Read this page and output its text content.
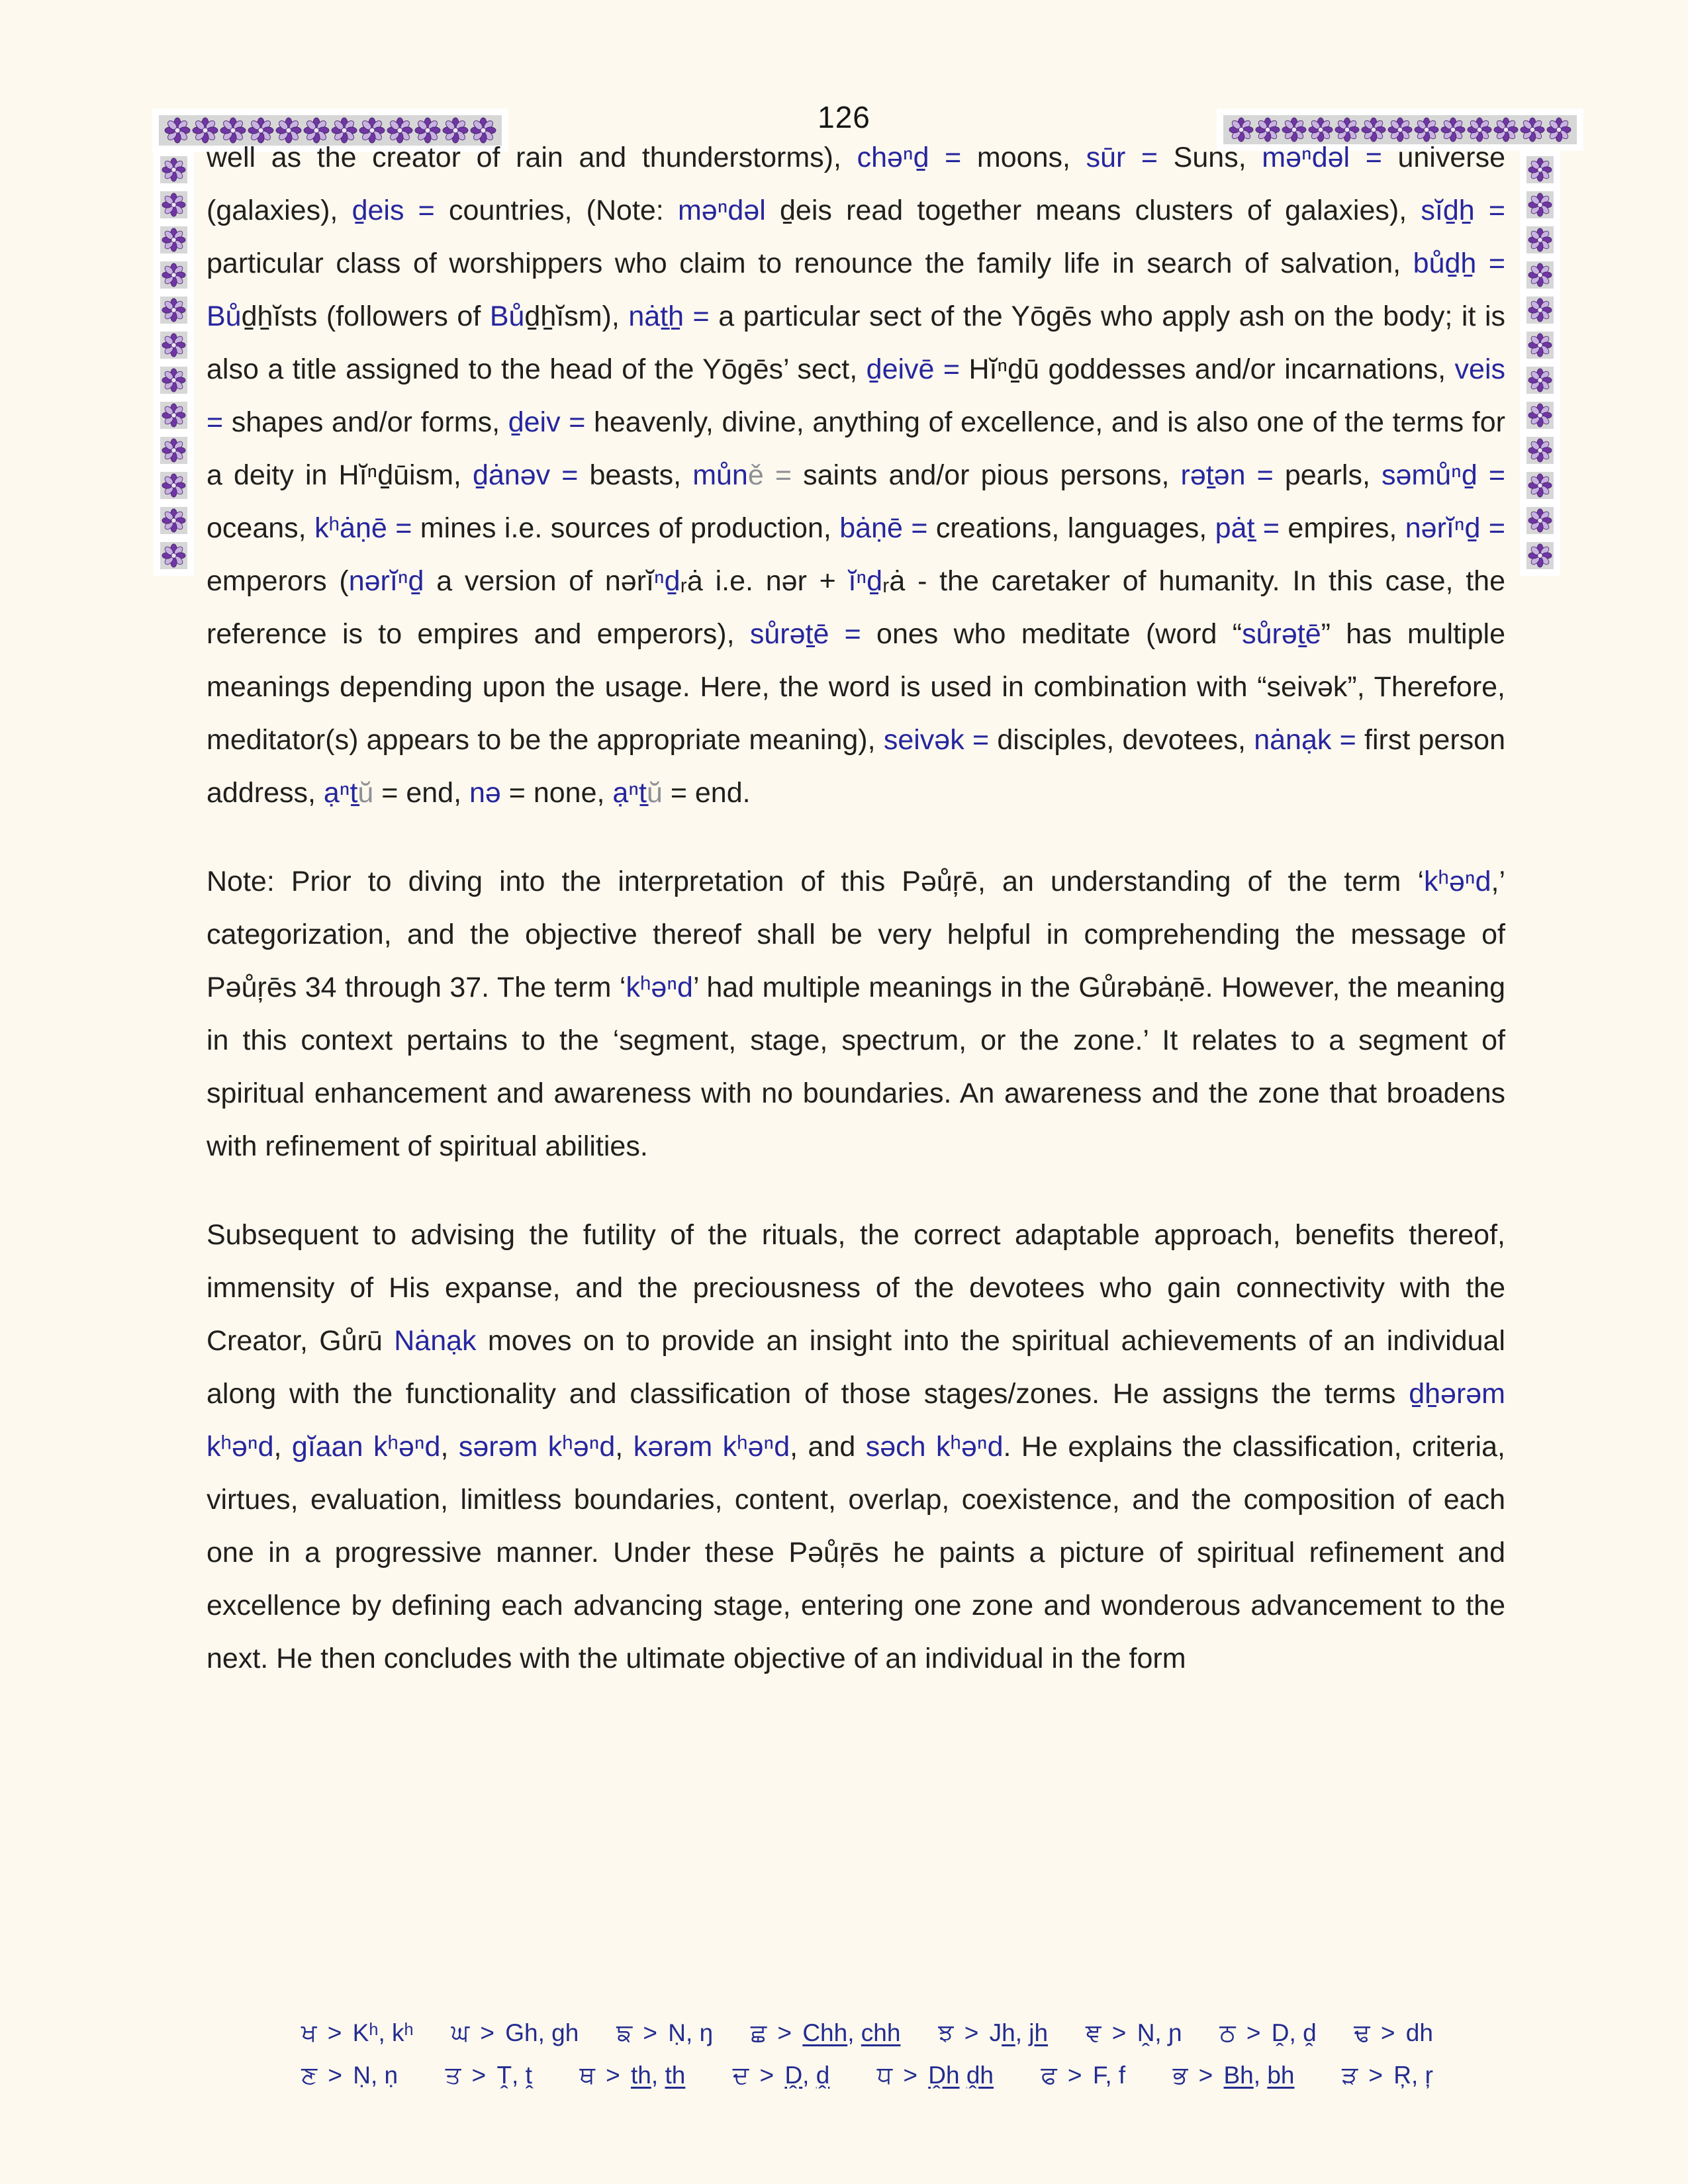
126

well as the creator of rain and thunderstorms), chəⁿd̠ = moons, sūr = Suns, məⁿdəl = universe (galaxies), d̠eis = countries, (Note: məⁿdəl d̠eis read together means clusters of galaxies), sĭd̠h̠ = particular class of worshippers who claim to renounce the family life in search of salvation, bůd̠h̠ = Bůd̠h̠ĭsts (followers of Bůd̠h̠ĭsm), nȧt̠h̠ = a particular sect of the Yōgēs who apply ash on the body; it is also a title assigned to the head of the Yōgēs’ sect, d̠eivē = Hĭⁿd̠ū goddesses and/or incarnations, veis = shapes and/or forms, d̠eiv = heavenly, divine, anything of excellence, and is also one of the terms for a deity in Hĭⁿd̠ūism, d̠ȧnəv = beasts, můně = saints and/or pious persons, rət̠ən = pearls, səmůⁿd̠ = oceans, kʰȧṇē = mines i.e. sources of production, bȧṇē = creations, languages, pȧt̠ = empires, nərĭⁿd̠ = emperors (nərĭⁿd̠ a version of nərĭⁿd̠ᵣȧ i.e. nər + ĭⁿd̠ᵣȧ - the caretaker of humanity. In this case, the reference is to empires and emperors), sůrət̠ē = ones who meditate (word “sůrət̠ē” has multiple meanings depending upon the usage. Here, the word is used in combination with “seivək”, Therefore, meditator(s) appears to be the appropriate meaning), seivək = disciples, devotees, nȧnạk = first person address, ạⁿt̠ŭ = end, nə = none, ạⁿt̠ŭ = end.

Note: Prior to diving into the interpretation of this Pəůŗē, an understanding of the term ‘kʰəⁿd,’ categorization, and the objective thereof shall be very helpful in comprehending the message of Pəůŗēs 34 through 37. The term ‘kʰəⁿd’ had multiple meanings in the Gůrəbȧṇē. However, the meaning in this context pertains to the ‘segment, stage, spectrum, or the zone.’ It relates to a segment of spiritual enhancement and awareness with no boundaries. An awareness and the zone that broadens with refinement of spiritual abilities.

Subsequent to advising the futility of the rituals, the correct adaptable approach, benefits thereof, immensity of His expanse, and the preciousness of the devotees who gain connectivity with the Creator, Gůrū Nȧnạk moves on to provide an insight into the spiritual achievements of an individual along with the functionality and classification of those stages/zones. He assigns the terms d̠h̠ərəm kʰəⁿd, gĭaan kʰəⁿd, sərəm kʰəⁿd, kərəm kʰəⁿd, and səch kʰəⁿd. He explains the classification, criteria, virtues, evaluation, limitless boundaries, content, overlap, coexistence, and the composition of each one in a progressive manner. Under these Pəůŗēs he paints a picture of spiritual refinement and excellence by defining each advancing stage, entering one zone and wonderous advancement to the next. He then concludes with the ultimate objective of an individual in the form

ਖ > Kʰ, kʰ ਘ > Gh, gh ਙ > Ṇ, ŋ ਛ > Chh, chh ਝ > Jh, jh ਞ > Ṋ, ɲ ਠ > Ḓ, ḓ ਢ > dh
ਣ > Ṇ, ṇ ਤ > Ṱ, ṱ ਥ > th, th ਦ > Ḓ, ḓ ਧ > Ḓh ḓh ਫ > F, f ਭ > Bh, bh ੜ > Ŗ, ŗ
